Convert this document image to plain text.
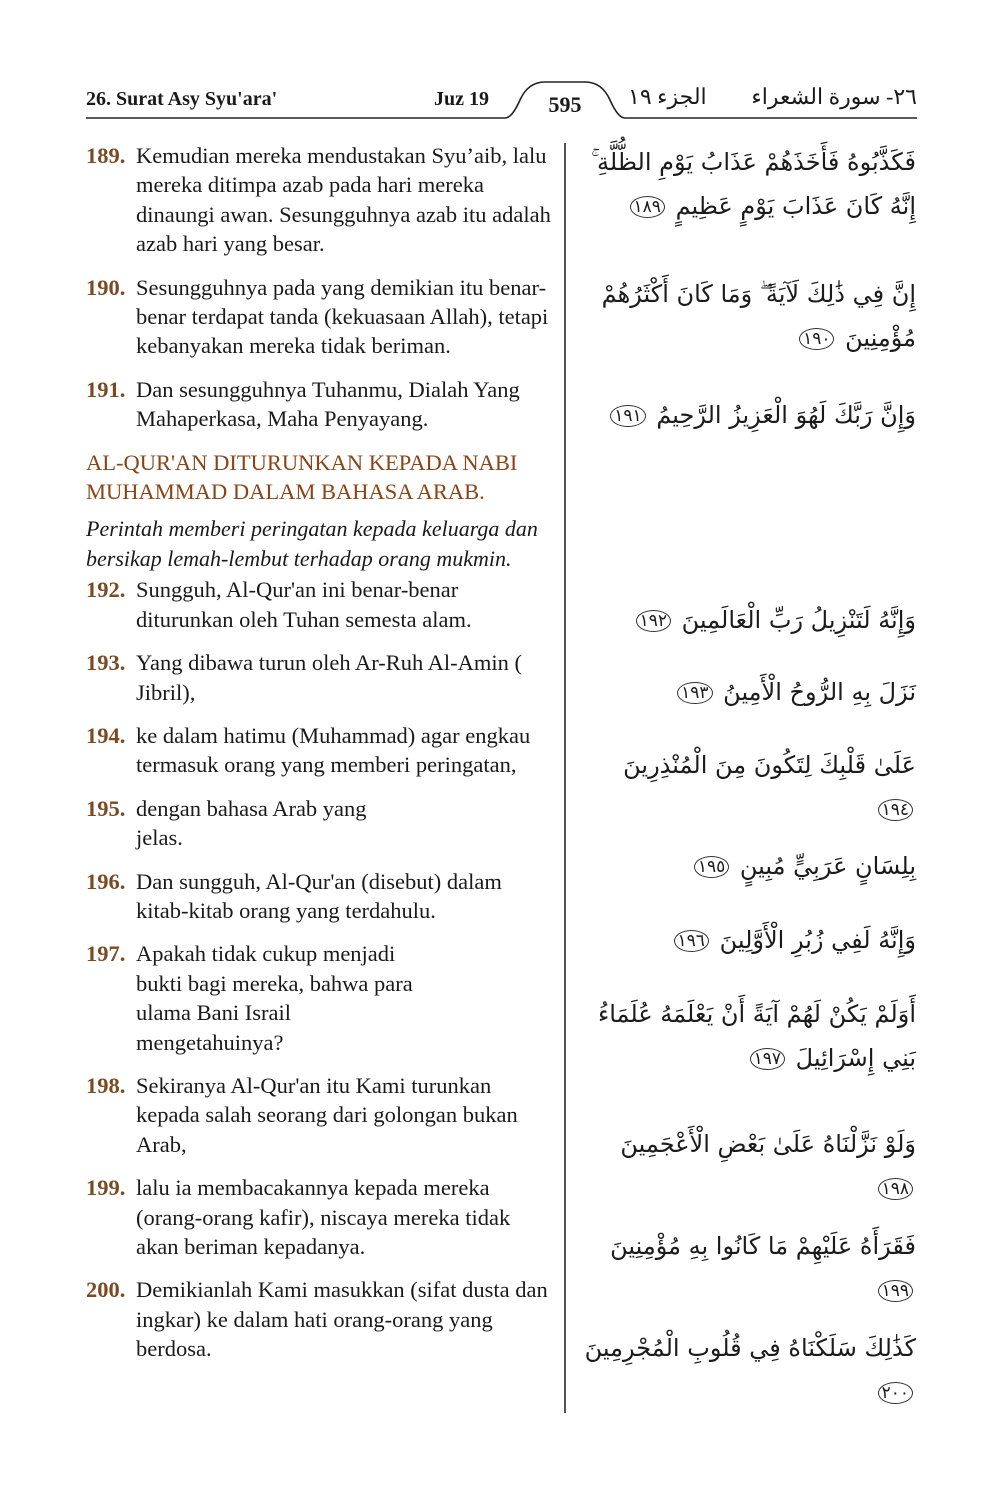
26. Surat Asy Syu'ara'	Juz 19	595	الجزء ١٩ ٢٦- سورة الشعراء
189. Kemudian mereka mendustakan Syu’aib, lalu mereka ditimpa azab pada hari mereka dinaungi awan. Sesungguhnya azab itu adalah azab hari yang besar.
190. Sesungguhnya pada yang demikian itu benar-benar terdapat tanda (kekuasaan Allah), tetapi kebanyakan mereka tidak beriman.
191. Dan sesungguhnya Tuhanmu, Dialah Yang Mahaperkasa, Maha Penyayang.
AL-QUR'AN DITURUNKAN KEPADA NABI MUHAMMAD DALAM BAHASA ARAB.
Perintah memberi peringatan kepada keluarga dan bersikap lemah-lembut terhadap orang mukmin.
192. Sungguh, Al-Qur'an ini benar-benar diturunkan oleh Tuhan semesta alam.
193. Yang dibawa turun oleh Ar-Ruh Al-Amin ( Jibril),
194. ke dalam hatimu (Muhammad) agar engkau termasuk orang yang memberi peringatan,
195. dengan bahasa Arab yang jelas.
196. Dan sungguh, Al-Qur'an (disebut) dalam kitab-kitab orang yang terdahulu.
197. Apakah tidak cukup menjadi bukti bagi mereka, bahwa para ulama Bani Israil mengetahuinya?
198. Sekiranya Al-Qur'an itu Kami turunkan kepada salah seorang dari golongan bukan Arab,
199. lalu ia membacakannya kepada mereka (orang-orang kafir), niscaya mereka tidak akan beriman kepadanya.
200. Demikianlah Kami masukkan (sifat dusta dan ingkar) ke dalam hati orang-orang yang berdosa.
فَكَذَّبُوهُ فَأَخَذَهُمْ عَذَابُ يَوْمِ الظُّلَّةِ ۚ إِنَّهُ كَانَ عَذَابَ يَوْمٍ عَظِيمٍ ١٨٩
إِنَّ فِي ذَٰلِكَ لَآيَةً ۖ وَمَا كَانَ أَكْثَرُهُمْ مُؤْمِنِينَ ١٩٠
وَإِنَّ رَبَّكَ لَهُوَ الْعَزِيزُ الرَّحِيمُ ١٩١
وَإِنَّهُ لَتَنْزِيلُ رَبِّ الْعَالَمِينَ ١٩٢
نَزَلَ بِهِ الرُّوحُ الْأَمِينُ ١٩٣
عَلَىٰ قَلْبِكَ لِتَكُونَ مِنَ الْمُنْذِرِينَ ١٩٤
بِلِسَانٍ عَرَبِيٍّ مُبِينٍ ١٩٥
وَإِنَّهُ لَفِي زُبُرِ الْأَوَّلِينَ ١٩٦
أَوَلَمْ يَكُنْ لَهُمْ آيَةً أَنْ يَعْلَمَهُ عُلَمَاءُ بَنِي إِسْرَائِيلَ ١٩٧
وَلَوْ نَزَّلْنَاهُ عَلَىٰ بَعْضِ الْأَعْجَمِينَ ١٩٨
فَقَرَأَهُ عَلَيْهِمْ مَا كَانُوا بِهِ مُؤْمِنِينَ ١٩٩
كَذَٰلِكَ سَلَكْنَاهُ فِي قُلُوبِ الْمُجْرِمِينَ ٢٠٠
